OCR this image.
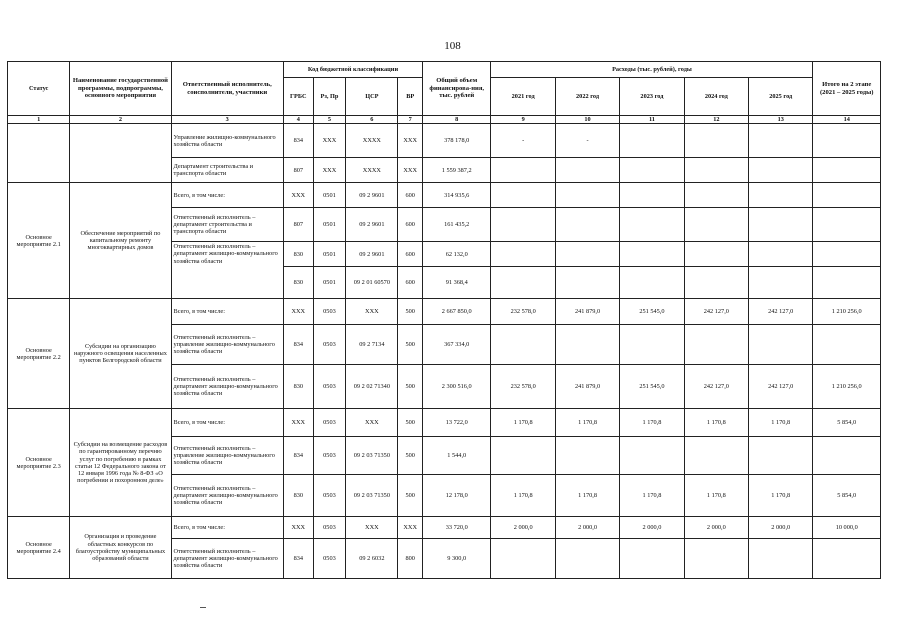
108
Статус	Наименование государственной программы, подпрограммы, основного мероприятия	Ответственный исполнитель, соисполнители, участники	Код бюджетной классификации				Общий объем финансирова-ния, тыс. рублей	Расходы (тыс. рублей), годы					Итого на 2 этапе (2021 – 2025 годы)
			ГРБС	Рз, Пр	ЦСР	ВР		2021 год	2022 год	2023 год	2024 год	2025 год	
1	2	3	4	5	6	7	8	9	10	11	12	13	14
		Управление жилищно-коммунального хозяйства области	834	XXX	XXXX	XXX	378 178,0	-	-				
		Департамент строительства и транспорта области	807	XXX	XXXX	XXX	1 559 387,2						
Основное мероприятие 2.1	Обеспечение мероприятий по капитальному ремонту многоквартирных домов	Всего, в том числе:	XXX	0501	09 2 9601	600	314 935,6						
		Ответственный исполнитель – департамент строительства и транспорта области	807	0501	09 2 9601	600	161 435,2						
		Ответственный исполнитель – департамент жилищно-коммунального хозяйства области	830	0501	09 2 9601	600	62 132,0						
			830	0501	09 2 01 60570	600	91 368,4						
Основное мероприятие 2.2	Субсидии на организацию наружного освещения населенных пунктов Белгородской области	Всего, в том числе:	XXX	0503	XXX	500	2 667 850,0	232 578,0	241 879,0	251 545,0	242 127,0	242 127,0	1 210 256,0
		Ответственный исполнитель – управление жилищно-коммунального хозяйства области	834	0503	09 2 7134	500	367 334,0						
		Ответственный исполнитель – департамент жилищно-коммунального хозяйства области	830	0503	09 2 02 71340	500	2 300 516,0	232 578,0	241 879,0	251 545,0	242 127,0	242 127,0	1 210 256,0
Основное мероприятие 2.3	Субсидии на возмещение расходов по гарантированному перечню услуг по погребению в рамках статьи 12 Федерального закона от 12 января 1996 года № 8-ФЗ «О погребении и похоронном деле»	Всего, в том числе:	XXX	0503	XXX	500	13 722,0	1 170,8	1 170,8	1 170,8	1 170,8	1 170,8	5 854,0
		Ответственный исполнитель – управление жилищно-коммунального хозяйства области	834	0503	09 2 03 71350	500	1 544,0						
		Ответственный исполнитель – департамент жилищно-коммунального хозяйства области	830	0503	09 2 03 71350	500	12 178,0	1 170,8	1 170,8	1 170,8	1 170,8	1 170,8	5 854,0
Основное мероприятие 2.4	Организация и проведение областных конкурсов по благоустройству муниципальных образований области	Всего, в том числе:	XXX	0503	XXX	XXX	33 720,0	2 000,0	2 000,0	2 000,0	2 000,0	2 000,0	10 000,0
		Ответственный исполнитель – департамент жилищно-коммунального хозяйства области	834	0503	09 2 6032	800	9 300,0						
